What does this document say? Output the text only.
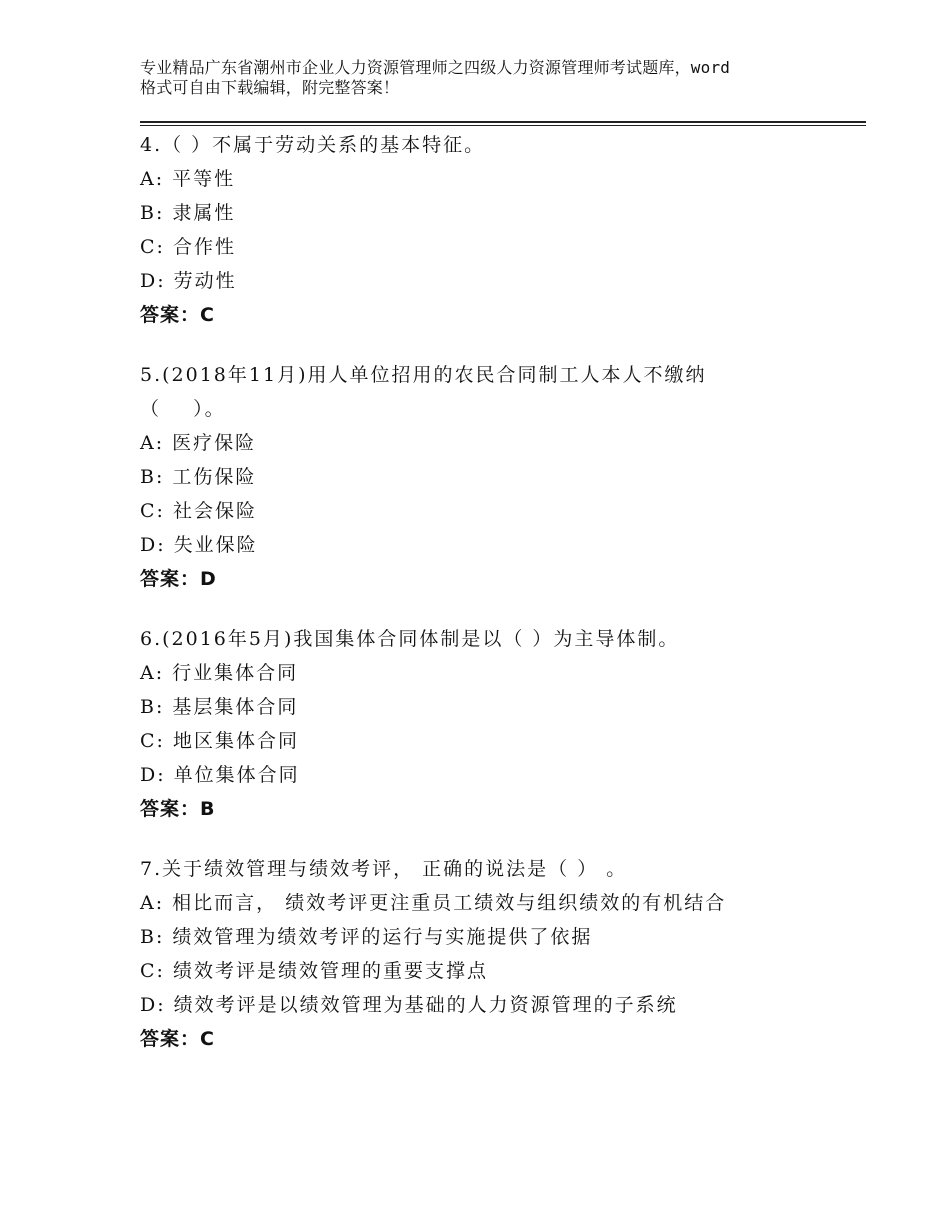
专业精品广东省潮州市企业人力资源管理师之四级人力资源管理师考试题库，word
格式可自由下载编辑，附完整答案！
4.（ ）不属于劳动关系的基本特征。
A: 平等性
B: 隶属性
C: 合作性
D: 劳动性
答案：C
5.(2018年11月)用人单位招用的农民合同制工人本人不缴纳
（    ）。
A: 医疗保险
B: 工伤保险
C: 社会保险
D: 失业保险
答案：D
6.(2016年5月)我国集体合同体制是以（ ）为主导体制。
A: 行业集体合同
B: 基层集体合同
C: 地区集体合同
D: 单位集体合同
答案：B
7.关于绩效管理与绩效考评， 正确的说法是（ ） 。
A: 相比而言， 绩效考评更注重员工绩效与组织绩效的有机结合
B: 绩效管理为绩效考评的运行与实施提供了依据
C: 绩效考评是绩效管理的重要支撑点
D: 绩效考评是以绩效管理为基础的人力资源管理的子系统
答案：C
